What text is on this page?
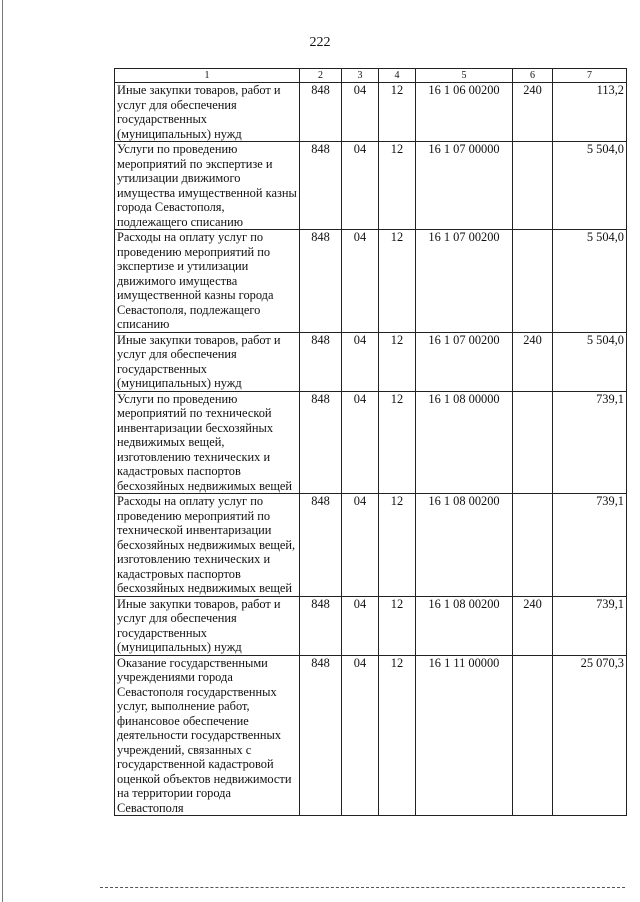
222
1	2	3	4	5	6	7
Иные закупки товаров, работ и услуг для обеспечения государственных (муниципальных) нужд	848	04	12	16 1 06 00200	240	113,2
Услуги по проведению мероприятий по экспертизе и утилизации движимого имущества имущественной казны города Севастополя, подлежащего списанию	848	04	12	16 1 07 00000		5 504,0
Расходы на оплату услуг по проведению мероприятий по экспертизе и утилизации движимого имущества имущественной казны города Севастополя, подлежащего списанию	848	04	12	16 1 07 00200		5 504,0
Иные закупки товаров, работ и услуг для обеспечения государственных (муниципальных) нужд	848	04	12	16 1 07 00200	240	5 504,0
Услуги по проведению мероприятий по технической инвентаризации бесхозяйных недвижимых вещей, изготовлению технических и кадастровых паспортов бесхозяйных недвижимых вещей	848	04	12	16 1 08 00000		739,1
Расходы на оплату услуг по проведению мероприятий по технической инвентаризации бесхозяйных недвижимых вещей, изготовлению технических и кадастровых паспортов бесхозяйных недвижимых вещей	848	04	12	16 1 08 00200		739,1
Иные закупки товаров, работ и услуг для обеспечения государственных (муниципальных) нужд	848	04	12	16 1 08 00200	240	739,1
Оказание государственными учреждениями города Севастополя государственных услуг, выполнение работ, финансовое обеспечение деятельности государственных учреждений, связанных с государственной кадастровой оценкой объектов недвижимости на территории города Севастополя	848	04	12	16 1 11 00000		25 070,3
